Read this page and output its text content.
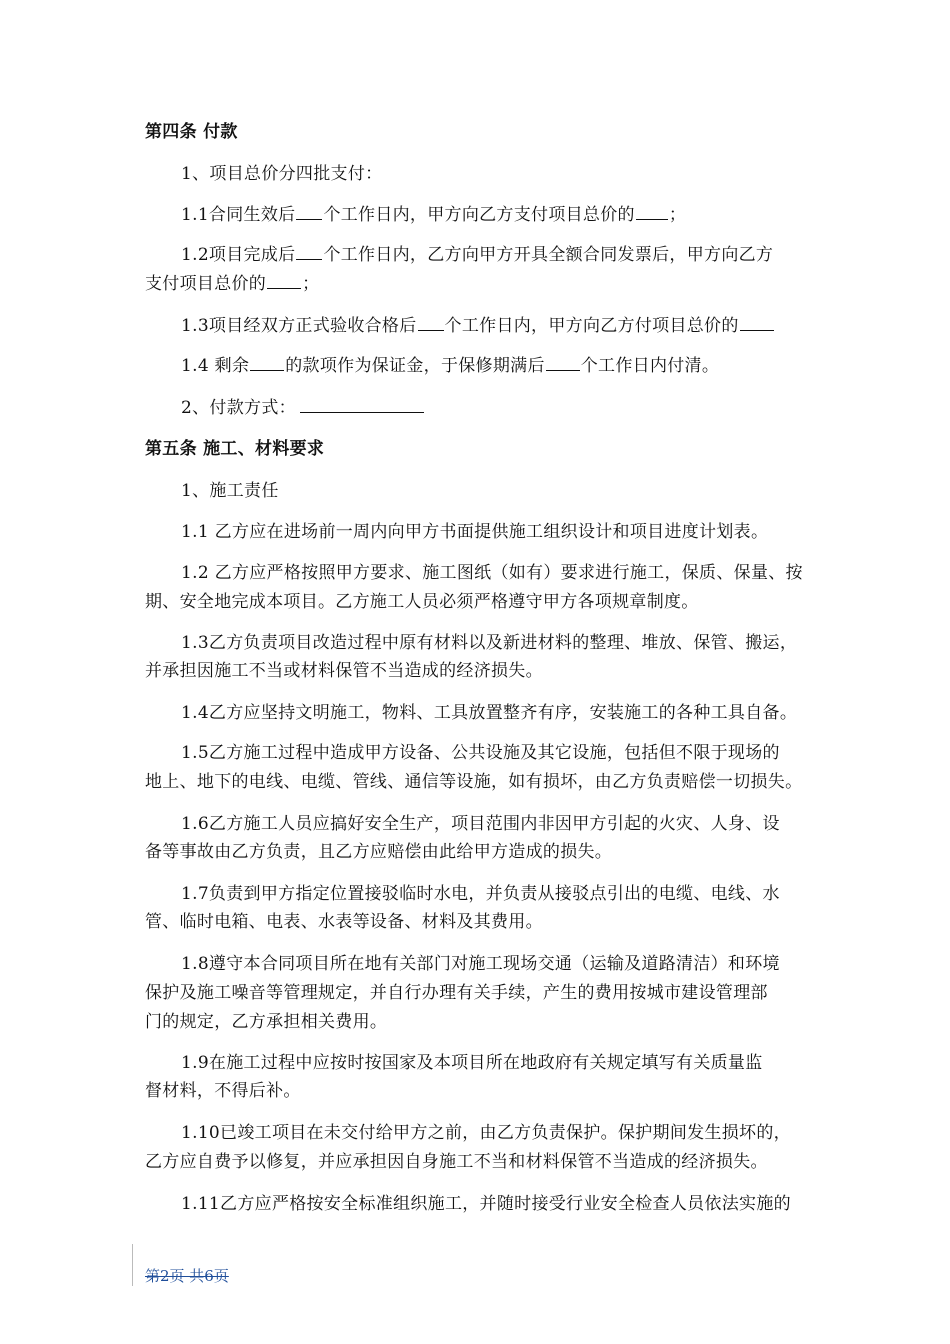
第四条 付款
1、项目总价分四批支付：
1.1合同生效后 个工作日内，甲方向乙方支付项目总价的 ；
1.2项目完成后 个工作日内，乙方向甲方开具全额合同发票后，甲方向乙方
支付项目总价的 ；
1.3项目经双方正式验收合格后 个工作日内，甲方向乙方付项目总价的
1.4 剩余 的款项作为保证金，于保修期满后 个工作日内付清。
2、付款方式：
第五条 施工、材料要求
1、施工责任
1.1 乙方应在进场前一周内向甲方书面提供施工组织设计和项目进度计划表。
1.2 乙方应严格按照甲方要求、施工图纸（如有）要求进行施工，保质、保量、按
期、安全地完成本项目。乙方施工人员必须严格遵守甲方各项规章制度。
1.3乙方负责项目改造过程中原有材料以及新进材料的整理、堆放、保管、搬运，
并承担因施工不当或材料保管不当造成的经济损失。
1.4乙方应坚持文明施工，物料、工具放置整齐有序，安装施工的各种工具自备。
1.5乙方施工过程中造成甲方设备、公共设施及其它设施，包括但不限于现场的
地上、地下的电线、电缆、管线、通信等设施，如有损坏，由乙方负责赔偿一切损失。
1.6乙方施工人员应搞好安全生产，项目范围内非因甲方引起的火灾、人身、设
备等事故由乙方负责，且乙方应赔偿由此给甲方造成的损失。
1.7负责到甲方指定位置接驳临时水电，并负责从接驳点引出的电缆、电线、水
管、临时电箱、电表、水表等设备、材料及其费用。
1.8遵守本合同项目所在地有关部门对施工现场交通（运输及道路清洁）和环境
保护及施工噪音等管理规定，并自行办理有关手续，产生的费用按城市建设管理部
门的规定，乙方承担相关费用。
1.9在施工过程中应按时按国家及本项目所在地政府有关规定填写有关质量监
督材料，不得后补。
1.10已竣工项目在未交付给甲方之前，由乙方负责保护。保护期间发生损坏的，
乙方应自费予以修复，并应承担因自身施工不当和材料保管不当造成的经济损失。
1.11乙方应严格按安全标准组织施工，并随时接受行业安全检查人员依法实施的
第2页 共6页
